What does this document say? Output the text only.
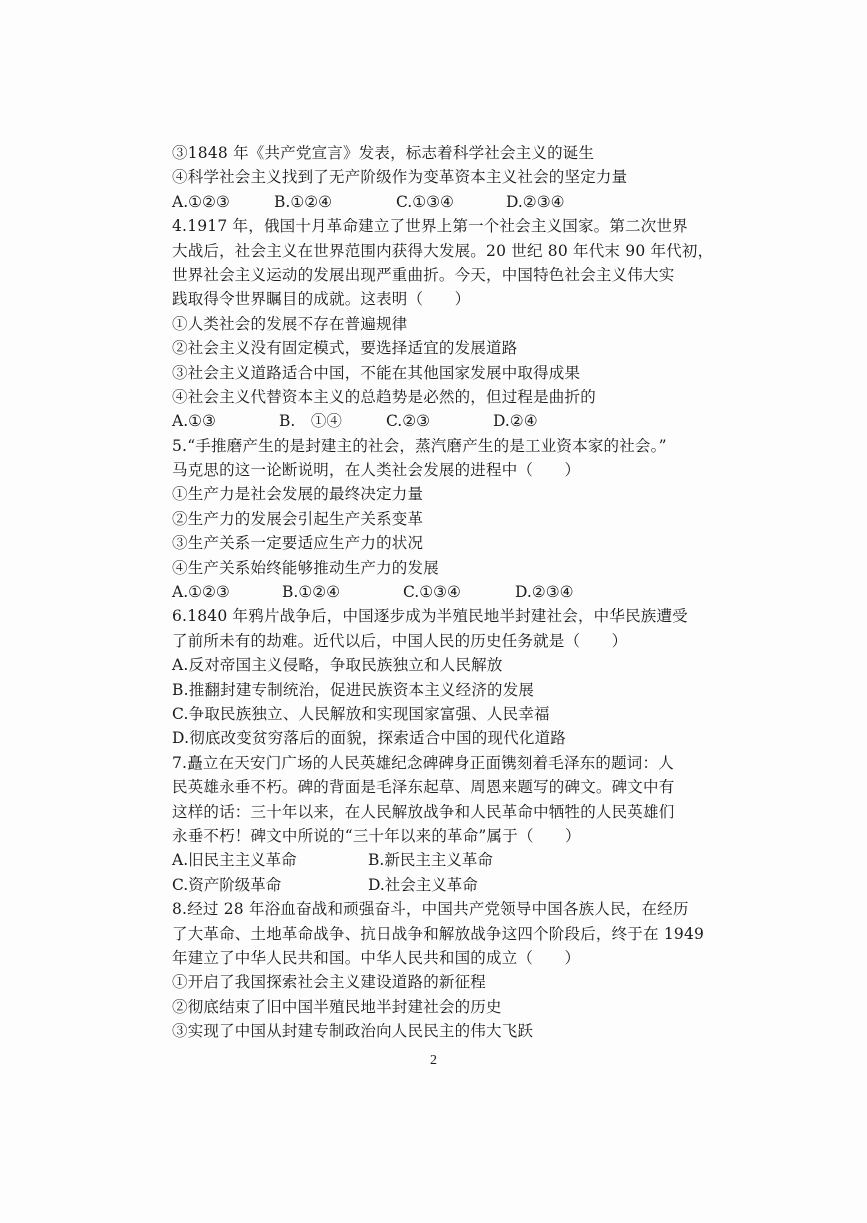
③1848 年《共产党宣言》发表，标志着科学社会主义的诞生
④科学社会主义找到了无产阶级作为变革资本主义社会的坚定力量
A.①②③	B.①②④	C.①③④	D.②③④
4.1917 年，俄国十月革命建立了世界上第一个社会主义国家。第二次世界
大战后，社会主义在世界范围内获得大发展。20 世纪 80 年代末 90 年代初，
世界社会主义运动的发展出现严重曲折。今天，中国特色社会主义伟大实
践取得令世界瞩目的成就。这表明（　　）
①人类社会的发展不存在普遍规律
②社会主义没有固定模式，要选择适宜的发展道路
③社会主义道路适合中国，不能在其他国家发展中取得成果
④社会主义代替资本主义的总趋势是必然的，但过程是曲折的
A.①③	B.　①④	C.②③	D.②④
5.“手推磨产生的是封建主的社会，蒸汽磨产生的是工业资本家的社会。”
马克思的这一论断说明，在人类社会发展的进程中（　　）
①生产力是社会发展的最终决定力量
②生产力的发展会引起生产关系变革
③生产关系一定要适应生产力的状况
④生产关系始终能够推动生产力的发展
A.①②③	B.①②④	C.①③④	D.②③④
6.1840 年鸦片战争后，中国逐步成为半殖民地半封建社会，中华民族遭受
了前所未有的劫难。近代以后，中国人民的历史任务就是（　　）
A.反对帝国主义侵略，争取民族独立和人民解放
B.推翻封建专制统治，促进民族资本主义经济的发展
C.争取民族独立、人民解放和实现国家富强、人民幸福
D.彻底改变贫穷落后的面貌，探索适合中国的现代化道路
7.矗立在天安门广场的人民英雄纪念碑碑身正面镌刻着毛泽东的题词：人
民英雄永垂不朽。碑的背面是毛泽东起草、周恩来题写的碑文。碑文中有
这样的话：三十年以来，在人民解放战争和人民革命中牺牲的人民英雄们
永垂不朽！碑文中所说的“三十年以来的革命”属于（　　）
A.旧民主主义革命	B.新民主主义革命
C.资产阶级革命	D.社会主义革命
8.经过 28 年浴血奋战和顽强奋斗，中国共产党领导中国各族人民，在经历
了大革命、土地革命战争、抗日战争和解放战争这四个阶段后，终于在 1949
年建立了中华人民共和国。中华人民共和国的成立（　　）
①开启了我国探索社会主义建设道路的新征程
②彻底结束了旧中国半殖民地半封建社会的历史
③实现了中国从封建专制政治向人民民主的伟大飞跃
2
